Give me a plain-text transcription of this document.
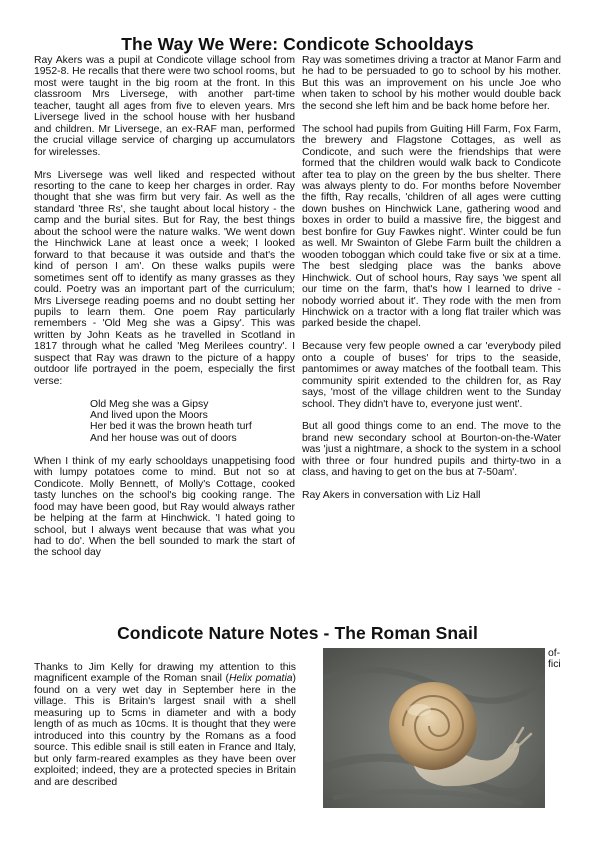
The Way We Were: Condicote Schooldays

Ray Akers was a pupil at Condicote village school from 1952-8. He recalls that there were two school rooms, but most were taught in the big room at the front. In this classroom Mrs Liversege, with another part-time teacher, taught all ages from five to eleven years. Mrs Liversege lived in the school house with her husband and children. Mr Liversege, an ex-RAF man, performed the crucial village service of charging up accumulators for wirelesses.

Mrs Liversege was well liked and respected without resorting to the cane to keep her charges in order. Ray thought that she was firm but very fair. As well as the standard 'three Rs', she taught about local history - the camp and the burial sites. But for Ray, the best things about the school were the nature walks. 'We went down the Hinchwick Lane at least once a week; I looked forward to that because it was outside and that's the kind of person I am'. On these walks pupils were sometimes sent off to identify as many grasses as they could. Poetry was an important part of the curriculum; Mrs Liversege reading poems and no doubt setting her pupils to learn them. One poem Ray particularly remembers - 'Old Meg she was a Gipsy'. This was written by John Keats as he travelled in Scotland in 1817 through what he called 'Meg Merilees country'. I suspect that Ray was drawn to the picture of a happy outdoor life portrayed in the poem, especially the first verse:

Old Meg she was a Gipsy
And lived upon the Moors
Her bed it was the brown heath turf
And her house was out of doors

When I think of my early schooldays unappetising food with lumpy potatoes come to mind. But not so at Condicote. Molly Bennett, of Molly's Cottage, cooked tasty lunches on the school's big cooking range. The food may have been good, but Ray would always rather be helping at the farm at Hinchwick. 'I hated going to school, but I always went because that was what you had to do'. When the bell sounded to mark the start of the school day

Ray was sometimes driving a tractor at Manor Farm and he had to be persuaded to go to school by his mother. But this was an improvement on his uncle Joe who when taken to school by his mother would double back the second she left him and be back home before her.

The school had pupils from Guiting Hill Farm, Fox Farm, the brewery and Flagstone Cottages, as well as Condicote, and such were the friendships that were formed that the children would walk back to Condicote after tea to play on the green by the bus shelter. There was always plenty to do. For months before November the fifth, Ray recalls, 'children of all ages were cutting down bushes on Hinchwick Lane, gathering wood and boxes in order to build a massive fire, the biggest and best bonfire for Guy Fawkes night'. Winter could be fun as well. Mr Swainton of Glebe Farm built the children a wooden toboggan which could take five or six at a time. The best sledging place was the banks above Hinchwick. Out of school hours, Ray says 'we spent all our time on the farm, that's how I learned to drive - nobody worried about it'. They rode with the men from Hinchwick on a tractor with a long flat trailer which was parked beside the chapel.

Because very few people owned a car 'everybody piled onto a couple of buses' for trips to the seaside, pantomimes or away matches of the football team. This community spirit extended to the children for, as Ray says, 'most of the village children went to the Sunday school. They didn't have to, everyone just went'.

But all good things come to an end. The move to the brand new secondary school at Bourton-on-the-Water was 'just a nightmare, a shock to the system in a school with three or four hundred pupils and thirty-two in a class, and having to get on the bus at 7-50am'.

Ray Akers in conversation with Liz Hall

Condicote Nature Notes - The Roman Snail

Thanks to Jim Kelly for drawing my attention to this magnificent example of the Roman snail (Helix pomatia) found on a very wet day in September here in the village. This is Britain's largest snail with a shell measuring up to 5cms in diameter and with a body length of as much as 10cms. It is thought that they were introduced into this country by the Romans as a food source. This edible snail is still eaten in France and Italy, but only farm-reared examples as they have been over exploited; indeed, they are a protected species in Britain and are described

of-
fici
